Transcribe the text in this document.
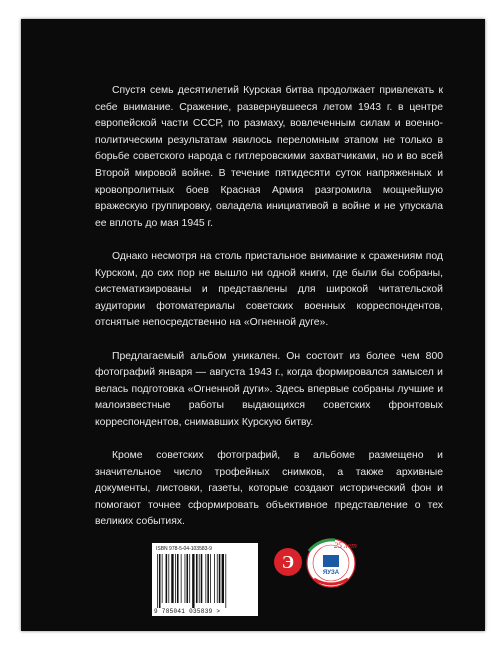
Спустя семь десятилетий Курская битва продолжает привлекать к себе внимание. Сражение, развернувшееся летом 1943 г. в центре европейской части СССР, по размаху, вовлеченным силам и военно-политическим результатам явилось переломным этапом не только в борьбе советского народа с гитлеровскими захватчиками, но и во всей Второй мировой войне. В течение пятидесяти суток напряженных и кровопролитных боев Красная Армия разгромила мощнейшую вражескую группировку, овладела инициативой в войне и не упускала ее вплоть до мая 1945 г.

Однако несмотря на столь пристальное внимание к сражениям под Курском, до сих пор не вышло ни одной книги, где были бы собраны, систематизированы и представлены для широкой читательской аудитории фотоматериалы советских военных корреспондентов, отснятые непосредственно на «Огненной дуге».

Предлагаемый альбом уникален. Он состоит из более чем 800 фотографий января — августа 1943 г., когда формировался замысел и велась подготовка «Огненной дуги». Здесь впервые собраны лучшие и малоизвестные работы выдающихся советских фронтовых корреспондентов, снимавших Курскую битву.

Кроме советских фотографий, в альбоме размещено и значительное число трофейных снимков, а также архивные документы, листовки, газеты, которые создают исторический фон и помогают точнее сформировать объективное представление о тех великих событиях.

ISBN 978-5-04-103583-9
9 785041 035839 >
Э
25 лет
ЯУЗА
